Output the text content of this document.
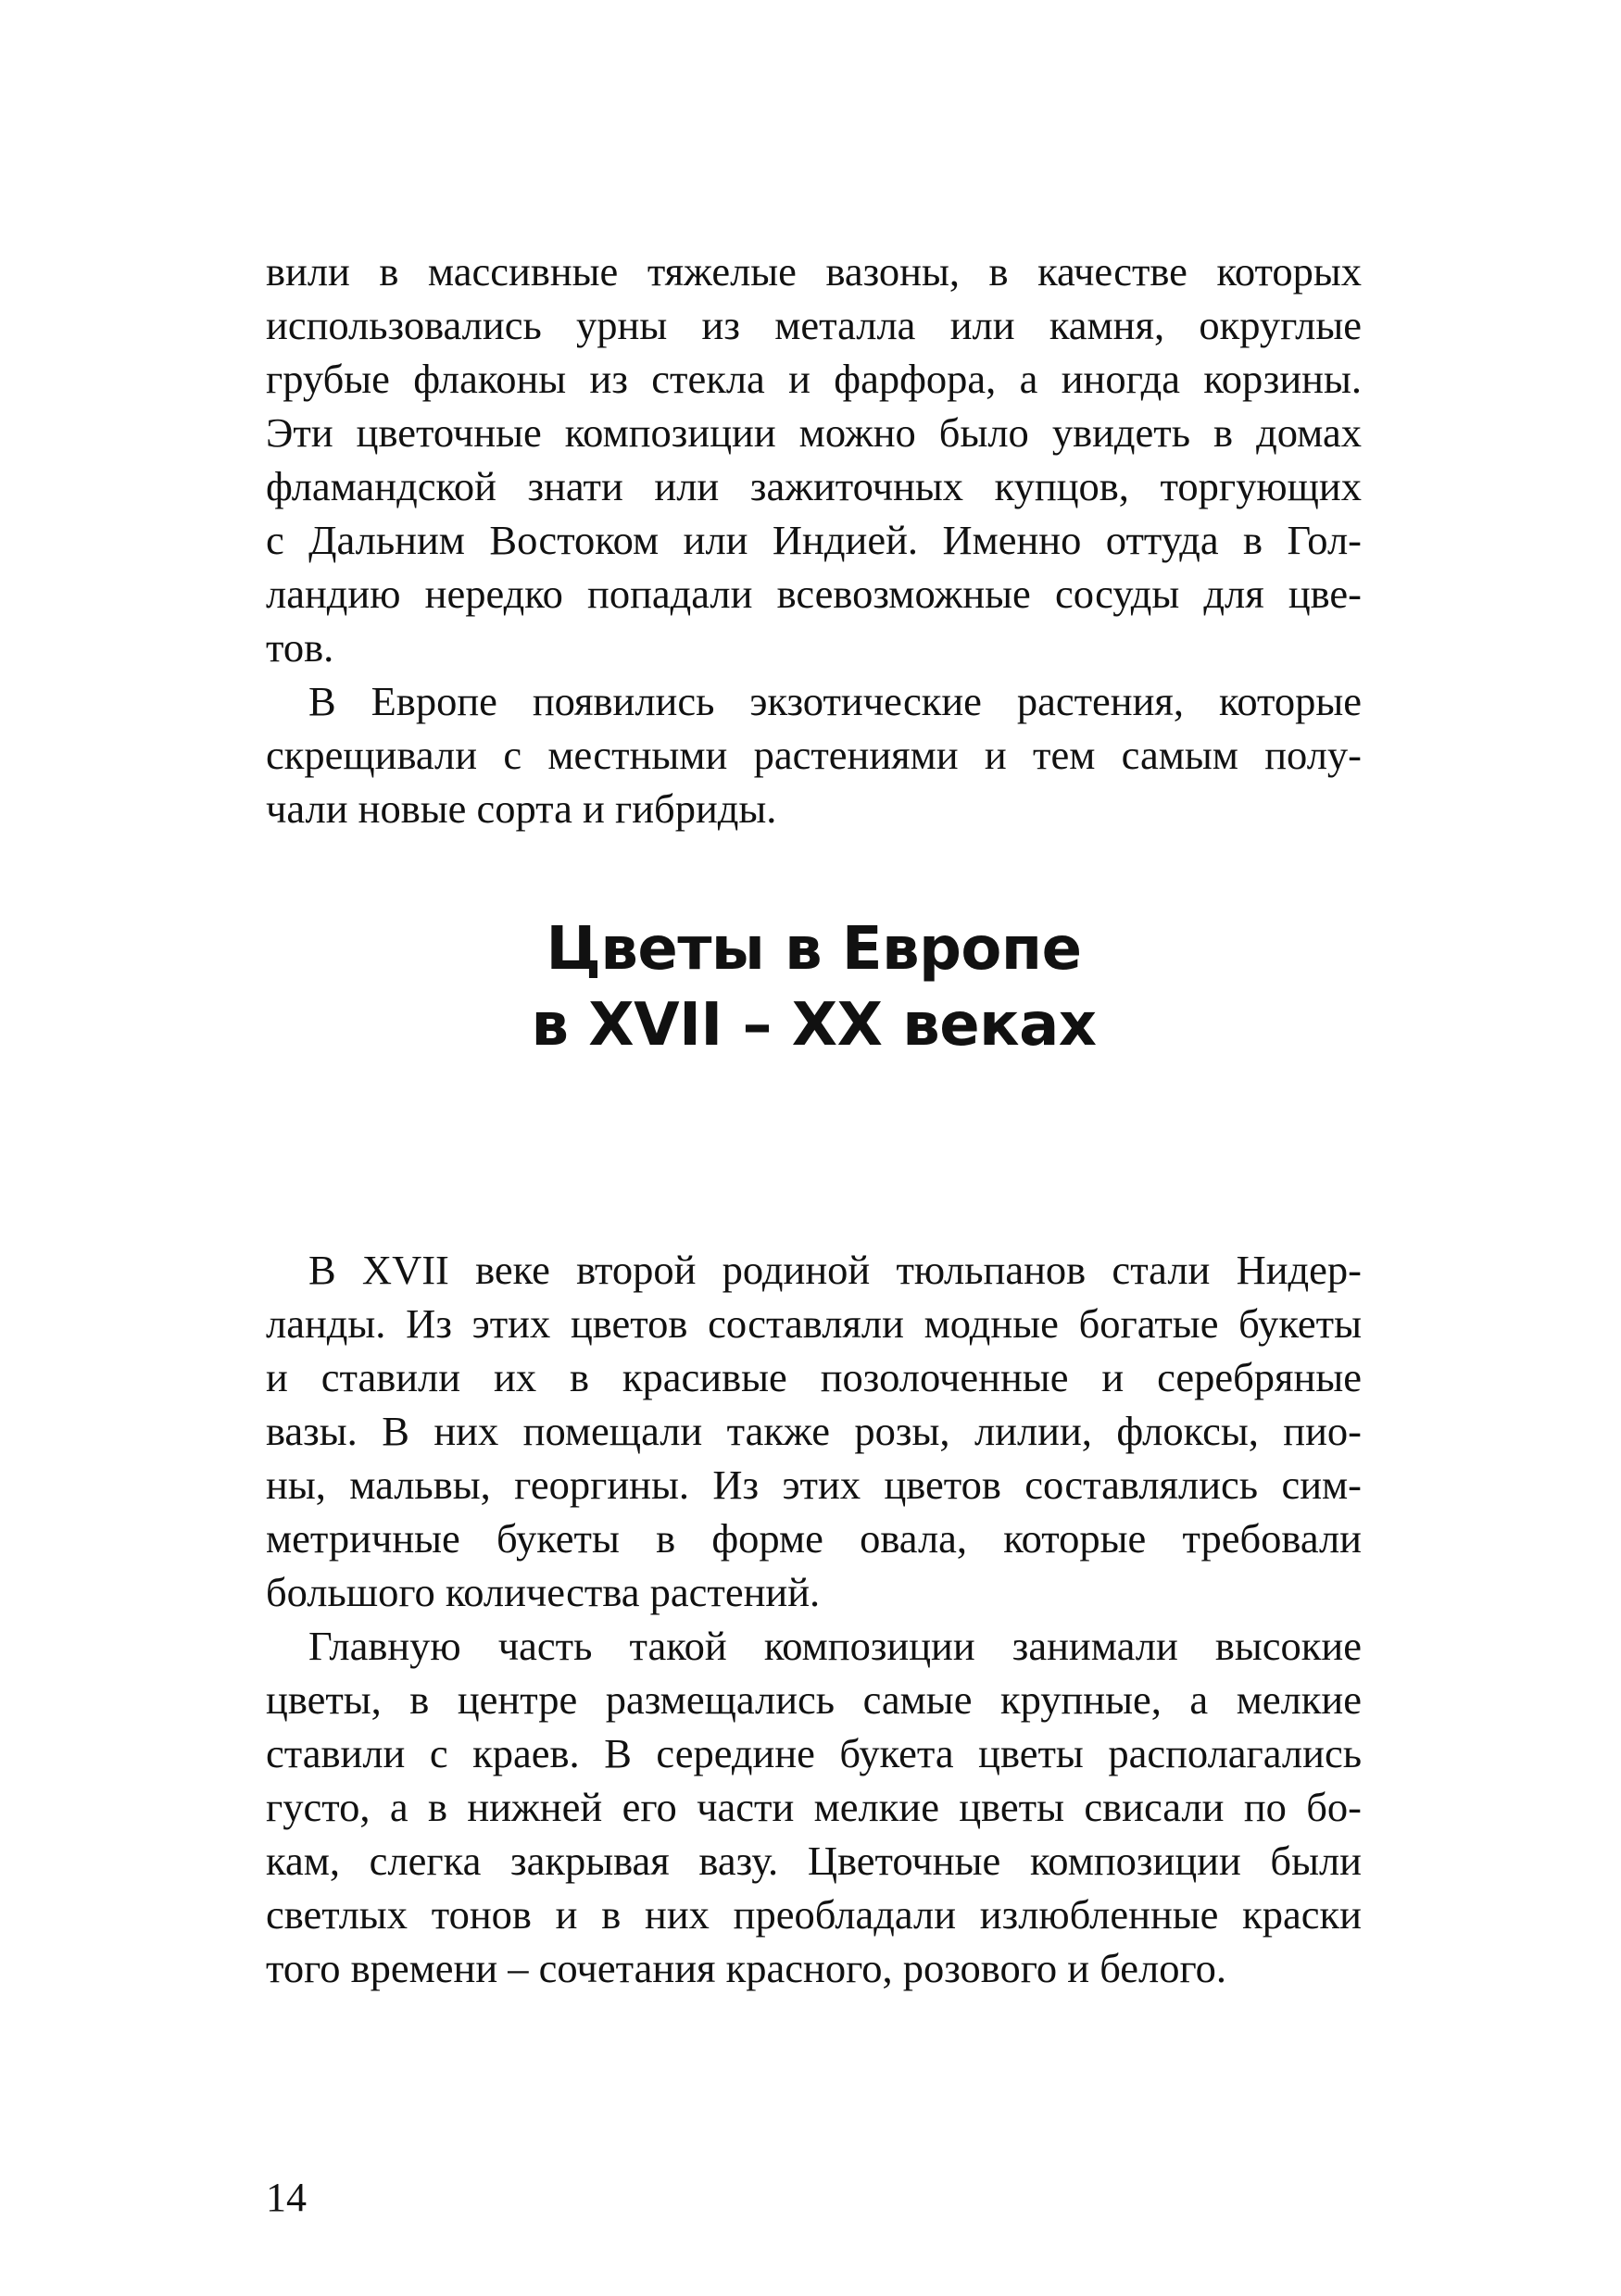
вили в массивные тяжелые вазоны, в качестве которых
использовались урны из металла или камня, округлые
грубые флаконы из стекла и фарфора, а иногда корзины.
Эти цветочные композиции можно было увидеть в домах
фламандской знати или зажиточных купцов, торгующих
с Дальним Востоком или Индией. Именно оттуда в Гол-
ландию нередко попадали всевозможные сосуды для цве-
тов.
В Европе появились экзотические растения, которые
скрещивали с местными растениями и тем самым полу-
чали новые сорта и гибриды.
Цветы в Европе
в XVII – XX веках
В XVII веке второй родиной тюльпанов стали Нидер-
ланды. Из этих цветов составляли модные богатые букеты
и ставили их в красивые позолоченные и серебряные
вазы. В них помещали также розы, лилии, флоксы, пио-
ны, мальвы, георгины. Из этих цветов составлялись сим-
метричные букеты в форме овала, которые требовали
большого количества растений.
Главную часть такой композиции занимали высокие
цветы, в центре размещались самые крупные, а мелкие
ставили с краев. В середине букета цветы располагались
густо, а в нижней его части мелкие цветы свисали по бо-
кам, слегка закрывая вазу. Цветочные композиции были
светлых тонов и в них преобладали излюбленные краски
того времени – сочетания красного, розового и белого.
14
